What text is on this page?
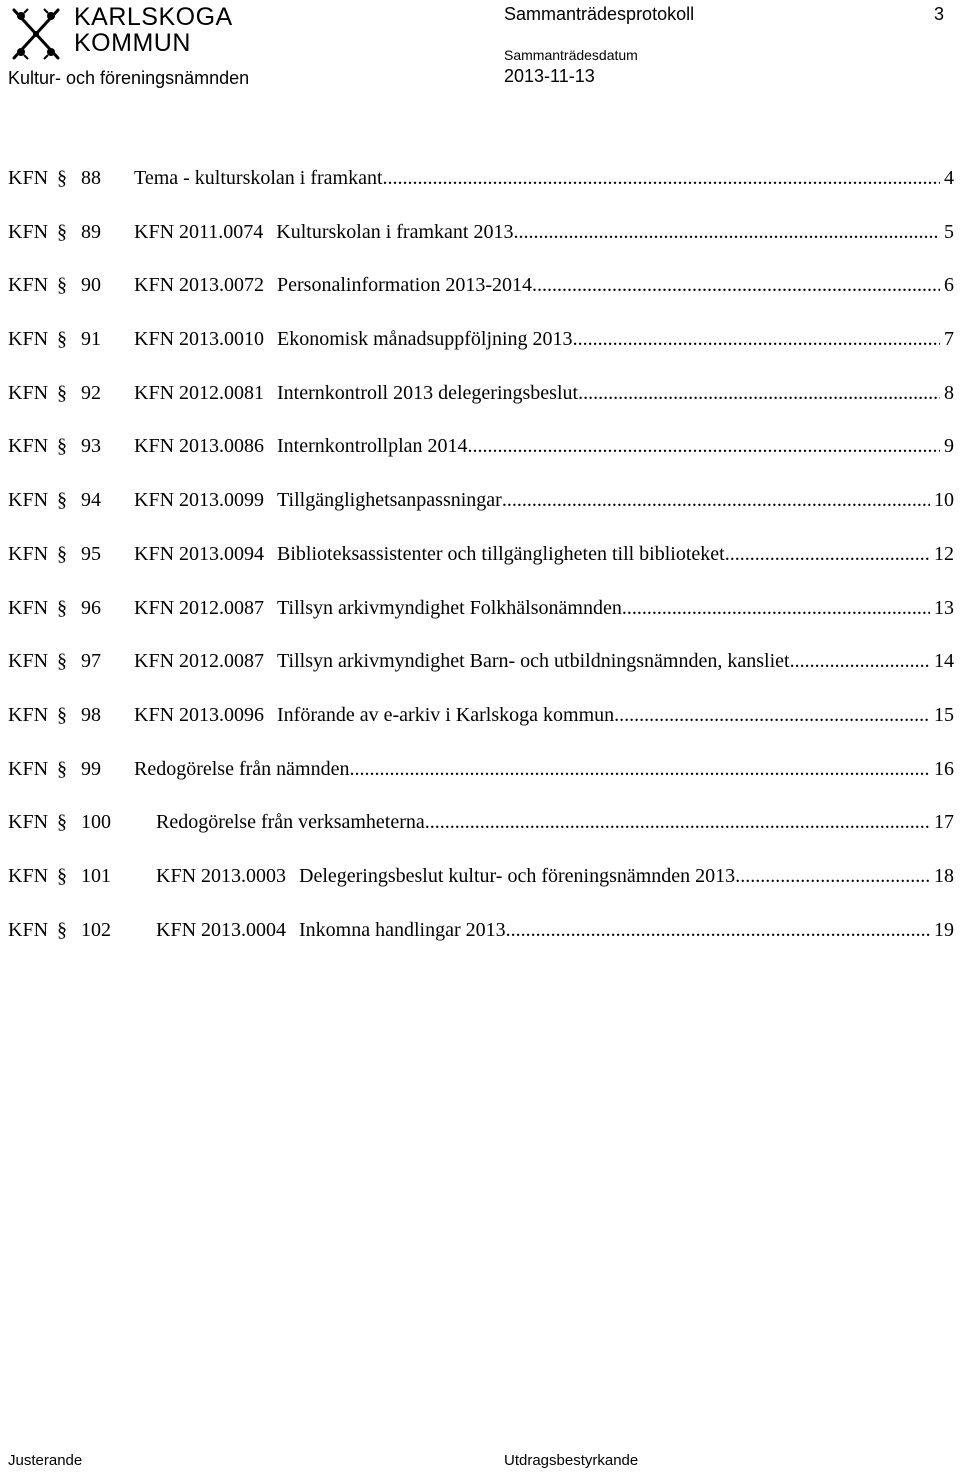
KARLSKOGA
KOMMUN
Kultur- och föreningsnämnden
Sammanträdesprotokoll	3
Sammanträdesdatum
2013-11-13
KFN § 88 Tema - kulturskolan i framkant .....	4
KFN § 89 KFN 2011.0074 Kulturskolan i framkant 2013 .....	5
KFN § 90 KFN 2013.0072 Personalinformation 2013-2014 .....	6
KFN § 91 KFN 2013.0010 Ekonomisk månadsuppföljning 2013 .....	7
KFN § 92 KFN 2012.0081 Internkontroll 2013 delegeringsbeslut .....	8
KFN § 93 KFN 2013.0086 Internkontrollplan 2014 .....	9
KFN § 94 KFN 2013.0099 Tillgänglighetsanpassningar .....	10
KFN § 95 KFN 2013.0094 Biblioteksassistenter och tillgängligheten till biblioteket .....	12
KFN § 96 KFN 2012.0087 Tillsyn arkivmyndighet Folkhälsonämnden .....	13
KFN § 97 KFN 2012.0087 Tillsyn arkivmyndighet Barn- och utbildningsnämnden, kansliet .....	14
KFN § 98 KFN 2013.0096 Införande av e-arkiv i Karlskoga kommun .....	15
KFN § 99 Redogörelse från nämnden .....	16
KFN § 100 Redogörelse från verksamheterna .....	17
KFN § 101 KFN 2013.0003 Delegeringsbeslut kultur- och föreningsnämnden 2013 .....	18
KFN § 102 KFN 2013.0004 Inkomna handlingar 2013 .....	19
Justerande	Utdragsbestyrkande
